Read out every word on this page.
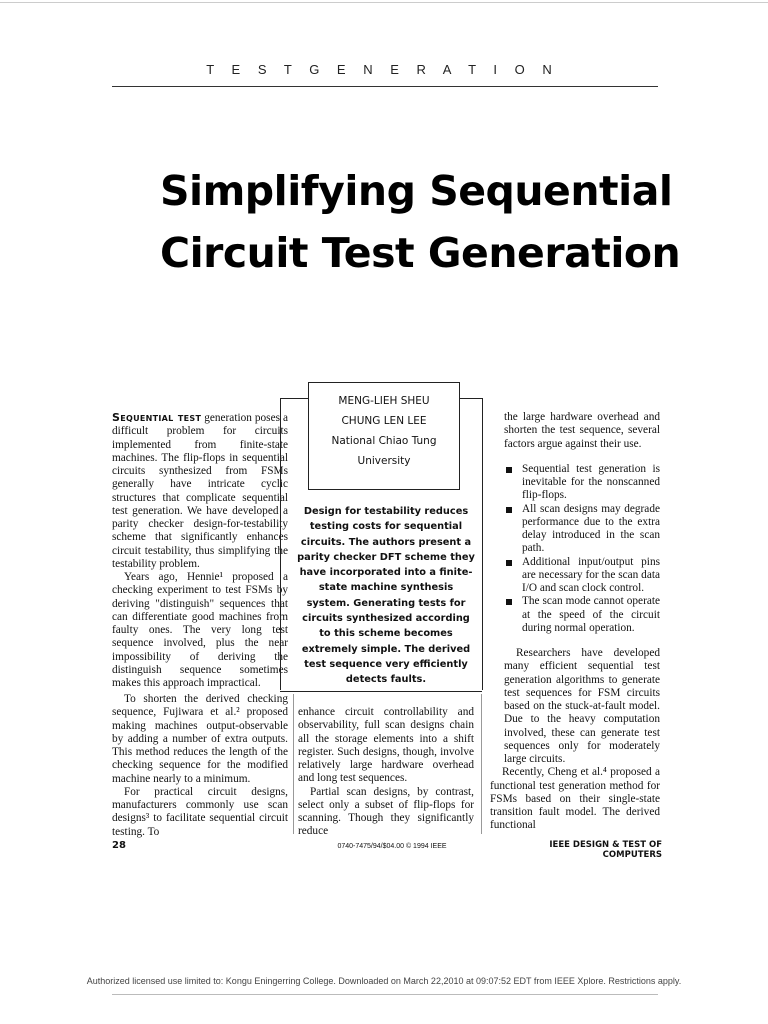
T E S T G E N E R A T I O N
Simplifying Sequential
Circuit Test Generation

Sequential test generation poses a difficult problem for circuits implemented from finite-state machines. The flip-flops in sequential circuits synthesized from FSMs generally have intricate cyclic structures that complicate sequential test generation. We have developed a parity checker design-for-testability scheme that significantly enhances circuit testability, thus simplifying the testability problem.

Years ago, Hennie¹ proposed a checking experiment to test FSMs by deriving "distinguish" sequences that can differentiate good machines from faulty ones. The very long test sequence involved, plus the near impossibility of deriving the distinguish sequence sometimes makes this approach impractical.

To shorten the derived checking sequence, Fujiwara et al.² proposed making machines output-observable by adding a number of extra outputs. This method reduces the length of the checking sequence for the modified machine nearly to a minimum.

For practical circuit designs, manufacturers commonly use scan designs³ to facilitate sequential circuit testing. To

MENG-LIEH SHEU
CHUNG LEN LEE
National Chiao Tung
University
Design for testability reduces testing costs for sequential circuits. The authors present a parity checker DFT scheme they have incorporated into a finite-state machine synthesis system. Generating tests for circuits synthesized according to this scheme becomes extremely simple. The derived test sequence very efficiently detects faults.

enhance circuit controllability and observability, full scan designs chain all the storage elements into a shift register. Such designs, though, involve relatively large hardware overhead and long test sequences.

Partial scan designs, by contrast, select only a subset of flip-flops for scanning. Though they significantly reduce

the large hardware overhead and shorten the test sequence, several factors argue against their use.

Sequential test generation is inevitable for the nonscanned flip-flops.
All scan designs may degrade performance due to the extra delay introduced in the scan path.
Additional input/output pins are necessary for the scan data I/O and scan clock control.
The scan mode cannot operate at the speed of the circuit during normal operation.

Researchers have developed many efficient sequential test generation algorithms to generate test sequences for FSM circuits based on the stuck-at-fault model. Due to the heavy computation involved, these can generate test sequences only for moderately large circuits.

Recently, Cheng et al.⁴ proposed a functional test generation method for FSMs based on their single-state transition fault model. The derived functional

28	0740-7475/94/$04.00 © 1994 IEEE	IEEE DESIGN & TEST OF COMPUTERS
Authorized licensed use limited to: Kongu Eningerring College. Downloaded on March 22,2010 at 09:07:52 EDT from IEEE Xplore. Restrictions apply.
